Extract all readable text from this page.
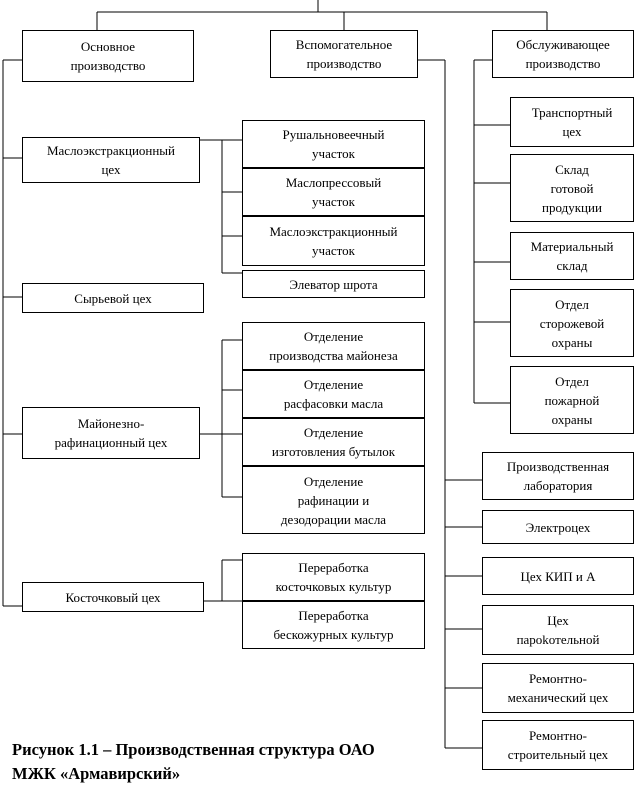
Основное
производство
Вспомогательное
производство
Обслуживающее
производство
Маслоэкстракционный
цех
Сырьевой цех
Майонезно-
рафинационный цех
Косточковый цех
Рушальновеечный
участок
Маслопрессовый
участок
Маслоэкстракционный
участок
Элеватор шрота
Отделение
производства майонеза
Отделение
расфасовки масла
Отделение
изготовления бутылок
Отделение
рафинации и
дезодорации масла
Переработка
косточковых культур
Переработка
бескожурных культур
Транспортный
цех
Склад
готовой
продукции
Материальный
склад
Отдел
сторожевой
охраны
Отдел
пожарной
охраны
Производственная
лаборатория
Электроцех
Цех КИП и А
Цех
пароkотельной
Ремонтно-
механический цех
Ремонтно-
строительный цех
Рисунок 1.1 – Производственная структура ОАО
МЖК «Армавирский»
